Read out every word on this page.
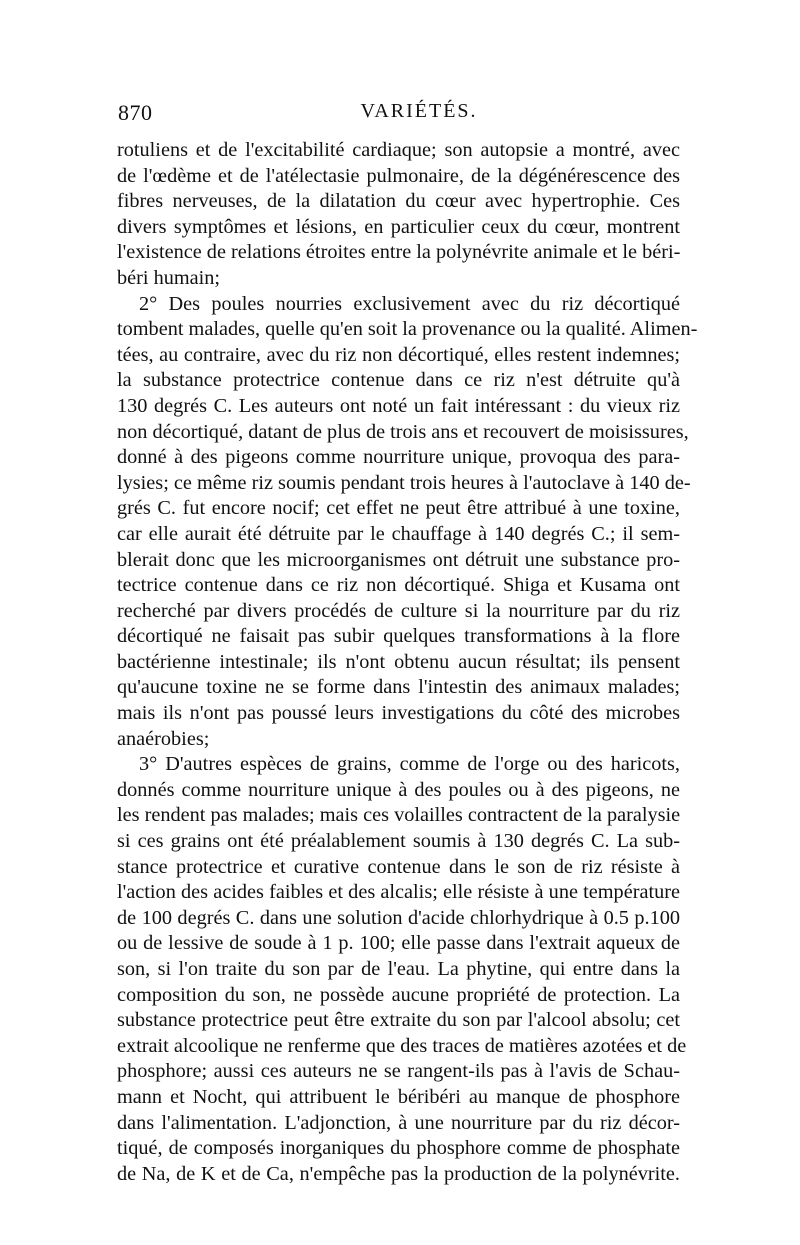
870	VARIÉTÉS.
rotuliens et de l'excitabilité cardiaque; son autopsie a montré, avec
de l'œdème et de l'atélectasie pulmonaire, de la dégénérescence des
fibres nerveuses, de la dilatation du cœur avec hypertrophie. Ces
divers symptômes et lésions, en particulier ceux du cœur, montrent
l'existence de relations étroites entre la polynévrite animale et le béri-
béri humain;
2° Des poules nourries exclusivement avec du riz décortiqué
tombent malades, quelle qu'en soit la provenance ou la qualité. Alimen-
tées, au contraire, avec du riz non décortiqué, elles restent indemnes;
la substance protectrice contenue dans ce riz n'est détruite qu'à
130 degrés C. Les auteurs ont noté un fait intéressant : du vieux riz
non décortiqué, datant de plus de trois ans et recouvert de moisissures,
donné à des pigeons comme nourriture unique, provoqua des para-
lysies; ce même riz soumis pendant trois heures à l'autoclave à 140 de-
grés C. fut encore nocif; cet effet ne peut être attribué à une toxine,
car elle aurait été détruite par le chauffage à 140 degrés C.; il sem-
blerait donc que les microorganismes ont détruit une substance pro-
tectrice contenue dans ce riz non décortiqué. Shiga et Kusama ont
recherché par divers procédés de culture si la nourriture par du riz
décortiqué ne faisait pas subir quelques transformations à la flore
bactérienne intestinale; ils n'ont obtenu aucun résultat; ils pensent
qu'aucune toxine ne se forme dans l'intestin des animaux malades;
mais ils n'ont pas poussé leurs investigations du côté des microbes
anaérobies;
3° D'autres espèces de grains, comme de l'orge ou des haricots,
donnés comme nourriture unique à des poules ou à des pigeons, ne
les rendent pas malades; mais ces volailles contractent de la paralysie
si ces grains ont été préalablement soumis à 130 degrés C. La sub-
stance protectrice et curative contenue dans le son de riz résiste à
l'action des acides faibles et des alcalis; elle résiste à une température
de 100 degrés C. dans une solution d'acide chlorhydrique à 0.5 p.100
ou de lessive de soude à 1 p. 100; elle passe dans l'extrait aqueux de
son, si l'on traite du son par de l'eau. La phytine, qui entre dans la
composition du son, ne possède aucune propriété de protection. La
substance protectrice peut être extraite du son par l'alcool absolu; cet
extrait alcoolique ne renferme que des traces de matières azotées et de
phosphore; aussi ces auteurs ne se rangent-ils pas à l'avis de Schau-
mann et Nocht, qui attribuent le béribéri au manque de phosphore
dans l'alimentation. L'adjonction, à une nourriture par du riz décor-
tiqué, de composés inorganiques du phosphore comme de phosphate
de Na, de K et de Ca, n'empêche pas la production de la polynévrite.
